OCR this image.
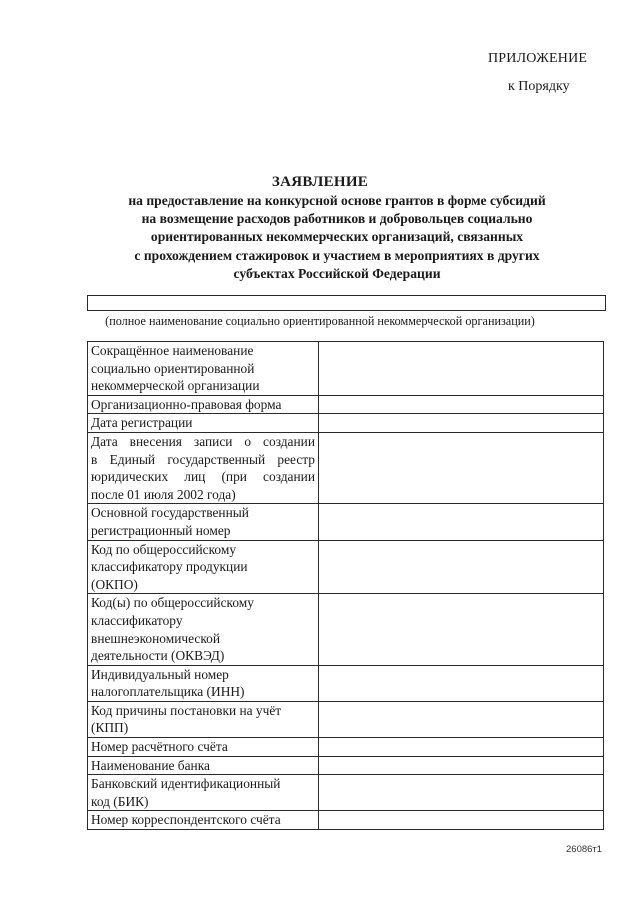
ПРИЛОЖЕНИЕ
к Порядку
ЗАЯВЛЕНИЕ
на предоставление на конкурсной основе грантов в форме субсидий
на возмещение расходов работников и добровольцев социально
ориентированных некоммерческих организаций, связанных
с прохождением стажировок и участием в мероприятиях в других
субъектах Российской Федерации
(полное наименование социально ориентированной некоммерческой организации)
Сокращённое наименование
социально ориентированной
некоммерческой организации	

Организационно-правовая форма	

Дата регистрации	

Дата внесения записи о создании
в Единый государственный реестр
юридических лиц (при создании
после 01 июля 2002 года)	

Основной государственный
регистрационный номер	

Код по общероссийскому
классификатору продукции
(ОКПО)	

Код(ы) по общероссийскому
классификатору
внешнеэкономической
деятельности (ОКВЭД)	

Индивидуальный номер
налогоплательщика (ИНН)	

Код причины постановки на учёт
(КПП)	

Номер расчётного счёта	

Наименование банка	

Банковский идентификационный
код (БИК)	

Номер корреспондентского счёта	

26086т1
